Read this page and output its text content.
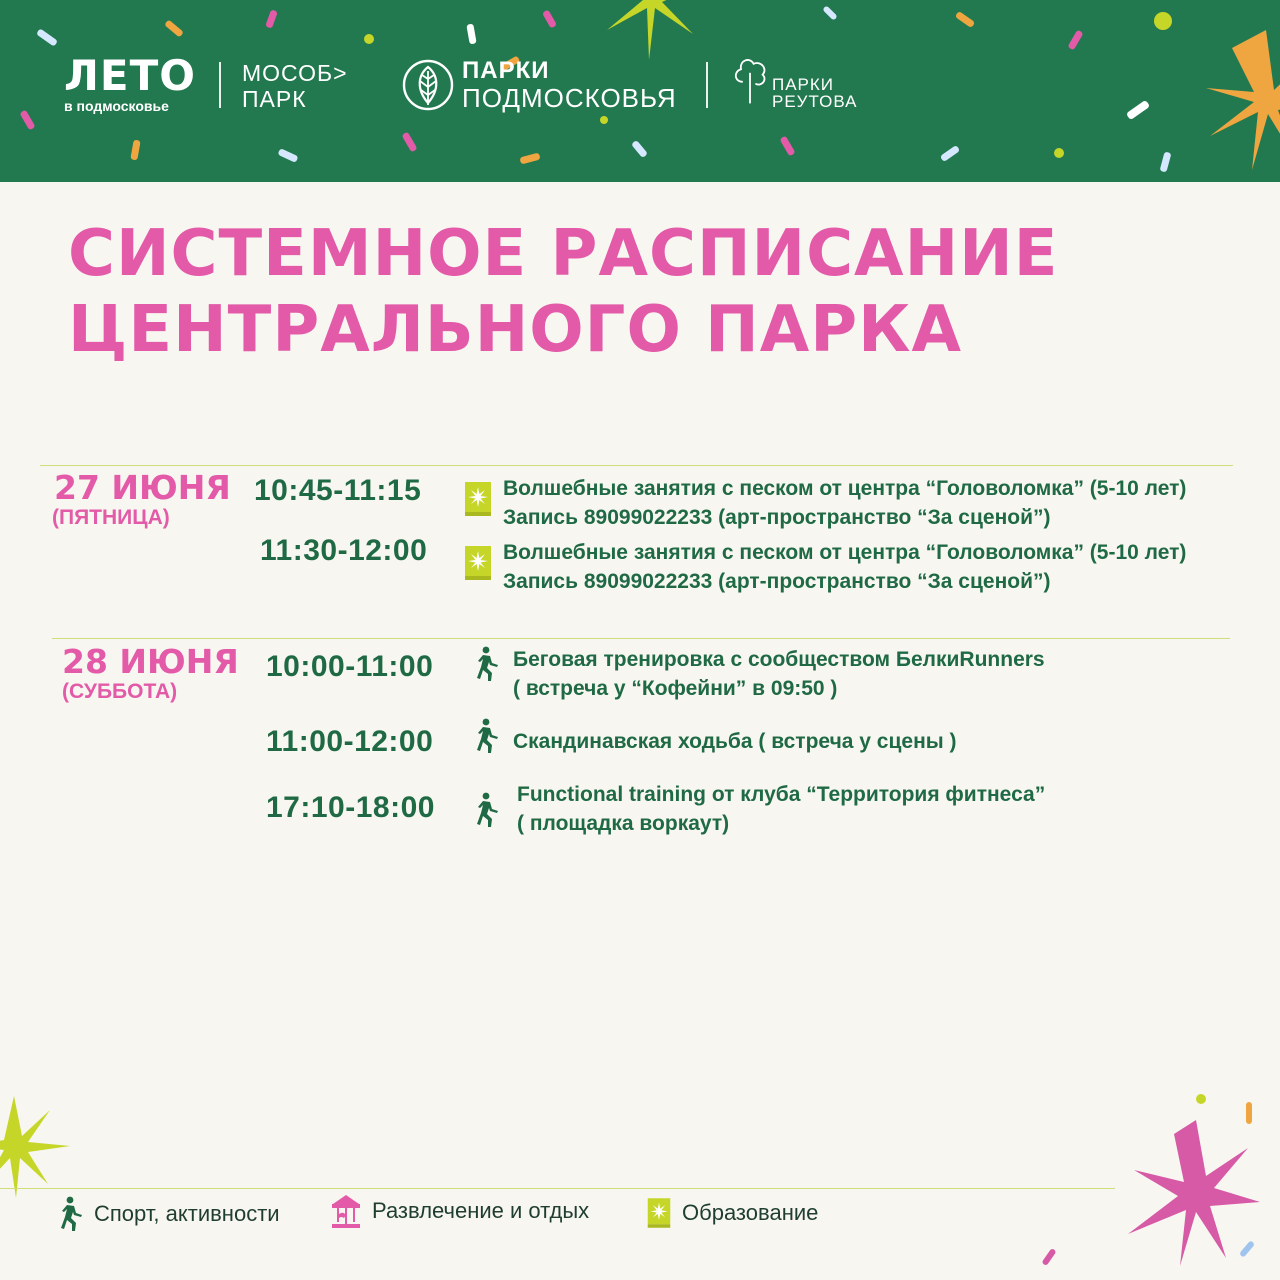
ЛЕТО
в подмосковье
МОСОБ>
ПАРК
ПАРКИ
ПОДМОСКОВЬЯ	ПАРКИ
РЕУТОВА
СИСТЕМНОЕ РАСПИСАНИЕ
ЦЕНТРАЛЬНОГО ПАРКА
27 ИЮНЯ
(ПЯТНИЦА)
10:45-11:15	Волшебные занятия с песком от центра “Головоломка” (5-10 лет)
Запись 89099022233 (арт-пространство “За сценой”)
11:30-12:00	Волшебные занятия с песком от центра “Головоломка” (5-10 лет)
Запись 89099022233 (арт-пространство “За сценой”)
28 ИЮНЯ
(СУББОТА)
10:00-11:00	Беговая тренировка с сообществом БелкиRunners
( встреча у “Кофейни” в 09:50 )
11:00-12:00	Скандинавская ходьба ( встреча у сцены )
17:10-18:00	Functional training от клуба “Территория фитнеса”
( площадка воркаут)
Спорт, активности	Развлечение и отдых	Образование
